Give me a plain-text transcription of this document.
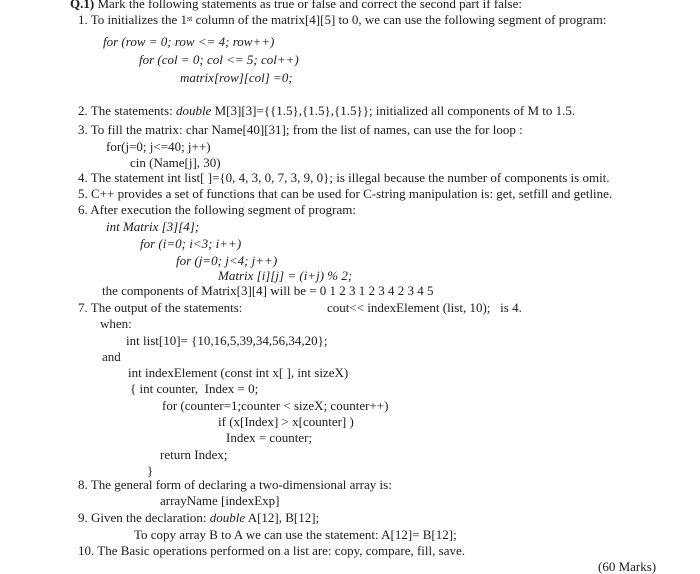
Q.1) Mark the following statements as true or false and correct the second part if false:
1. To initializes the 1st column of the matrix[4][5] to 0, we can use the following segment of program:
for (row = 0; row <= 4; row++)
for (col = 0; col <= 5; col++)
matrix[row][col] =0;
2. The statements: double M[3][3]={{1.5},{1.5},{1.5}}; initialized all components of M to 1.5.
3. To fill the matrix: char Name[40][31]; from the list of names, can use the for loop :
for(j=0; j<=40; j++)
cin (Name[j], 30)
4. The statement int list[ ]={0, 4, 3, 0, 7, 3, 9, 0}; is illegal because the number of components is omit.
5. C++ provides a set of functions that can be used for C-string manipulation is: get, setfill and getline.
6. After execution the following segment of program:
int Matrix [3][4];
for (i=0; i<3; i++)
for (j=0; j<4; j++)
Matrix [i][j] = (i+j) % 2;
the components of Matrix[3][4] will be = 0 1 2 3 1 2 3 4 2 3 4 5
7. The output of the statements:	cout<< indexElement (list, 10);   is 4.
when:
int list[10]= {10,16,5,39,34,56,34,20};
and
int indexElement (const int x[ ], int sizeX)
{ int counter,  Index = 0;
for (counter=1;counter < sizeX; counter++)
if (x[Index] > x[counter] )
Index = counter;
return Index;
}
8. The general form of declaring a two-dimensional array is:
arrayName [indexExp]
9. Given the declaration: double A[12], B[12];
To copy array B to A we can use the statement: A[12]= B[12];
10. The Basic operations performed on a list are: copy, compare, fill, save.
(60 Marks)
